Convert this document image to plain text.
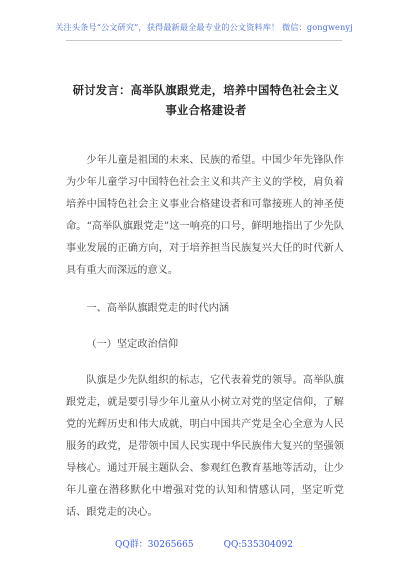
关注头条号“公文研究”，获得最新最全最专业的公文资料库！ 微信：gongwenyj
研讨发言：高举队旗跟党走，培养中国特色社会主义事业合格建设者

少年儿童是祖国的未来、民族的希望。中国少年先锋队作为少年儿童学习中国特色社会主义和共产主义的学校，肩负着培养中国特色社会主义事业合格建设者和可靠接班人的神圣使命。“高举队旗跟党走”这一响亮的口号，鲜明地指出了少先队事业发展的正确方向，对于培养担当民族复兴大任的时代新人具有重大而深远的意义。

一、高举队旗跟党走的时代内涵
（一）坚定政治信仰

队旗是少先队组织的标志，它代表着党的领导。高举队旗跟党走，就是要引导少年儿童从小树立对党的坚定信仰，了解党的光辉历史和伟大成就，明白中国共产党是全心全意为人民服务的政党，是带领中国人民实现中华民族伟大复兴的坚强领导核心。通过开展主题队会、参观红色教育基地等活动，让少年儿童在潜移默化中增强对党的认知和情感认同，坚定听党话、跟党走的决心。

QQ群：30265665	QQ:535304092
